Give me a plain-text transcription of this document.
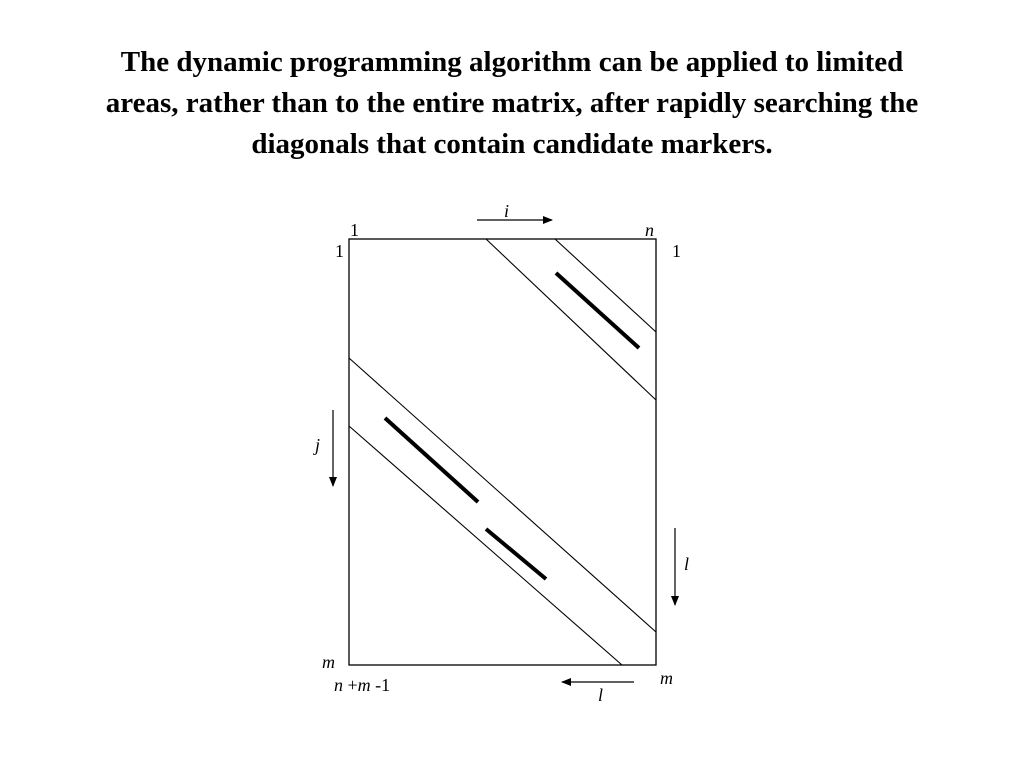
The dynamic programming algorithm can be applied to limited
areas, rather than to the entire matrix, after rapidly searching the
diagonals that contain candidate markers.
1
1
n
1
i
j
l
m
n +m -1	m
l
